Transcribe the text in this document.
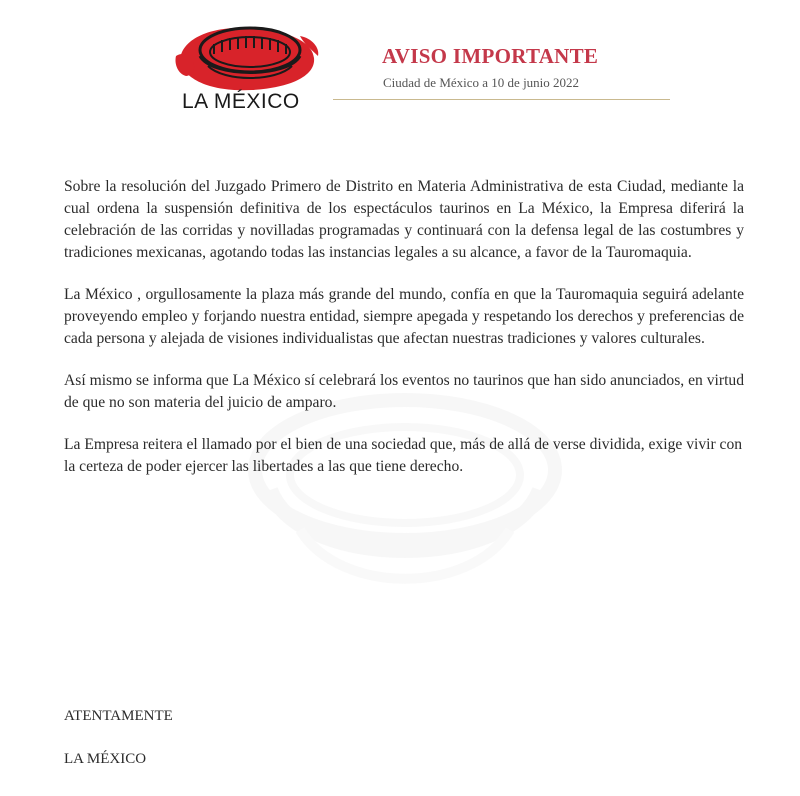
LA MÉXICO
AVISO IMPORTANTE
Ciudad de México a 10 de junio 2022

Sobre la resolución del Juzgado Primero de Distrito en Materia Administrativa de esta Ciudad, mediante la cual ordena la suspensión definitiva de los espectáculos taurinos en La México, la Empresa diferirá la celebración de las corridas y novilladas programadas y continuará con la defensa legal de las costumbres y tradiciones mexicanas, agotando todas las instancias legales a su alcance, a favor de la Tauromaquia.

La México , orgullosamente la plaza más grande del mundo, confía en que la Tauromaquia seguirá adelante proveyendo empleo y forjando nuestra entidad, siempre apegada y respetando los derechos y preferencias de cada persona y alejada de visiones individualistas que afectan nuestras tradiciones y valores culturales.

Así mismo se informa que La México sí celebrará los eventos no taurinos que han sido anunciados, en virtud de que no son materia del juicio de amparo.

La Empresa reitera el llamado por el bien de una sociedad que, más de allá de verse dividida, exige vivir con la certeza de poder ejercer las libertades a las que tiene derecho.

ATENTAMENTE
LA MÉXICO
